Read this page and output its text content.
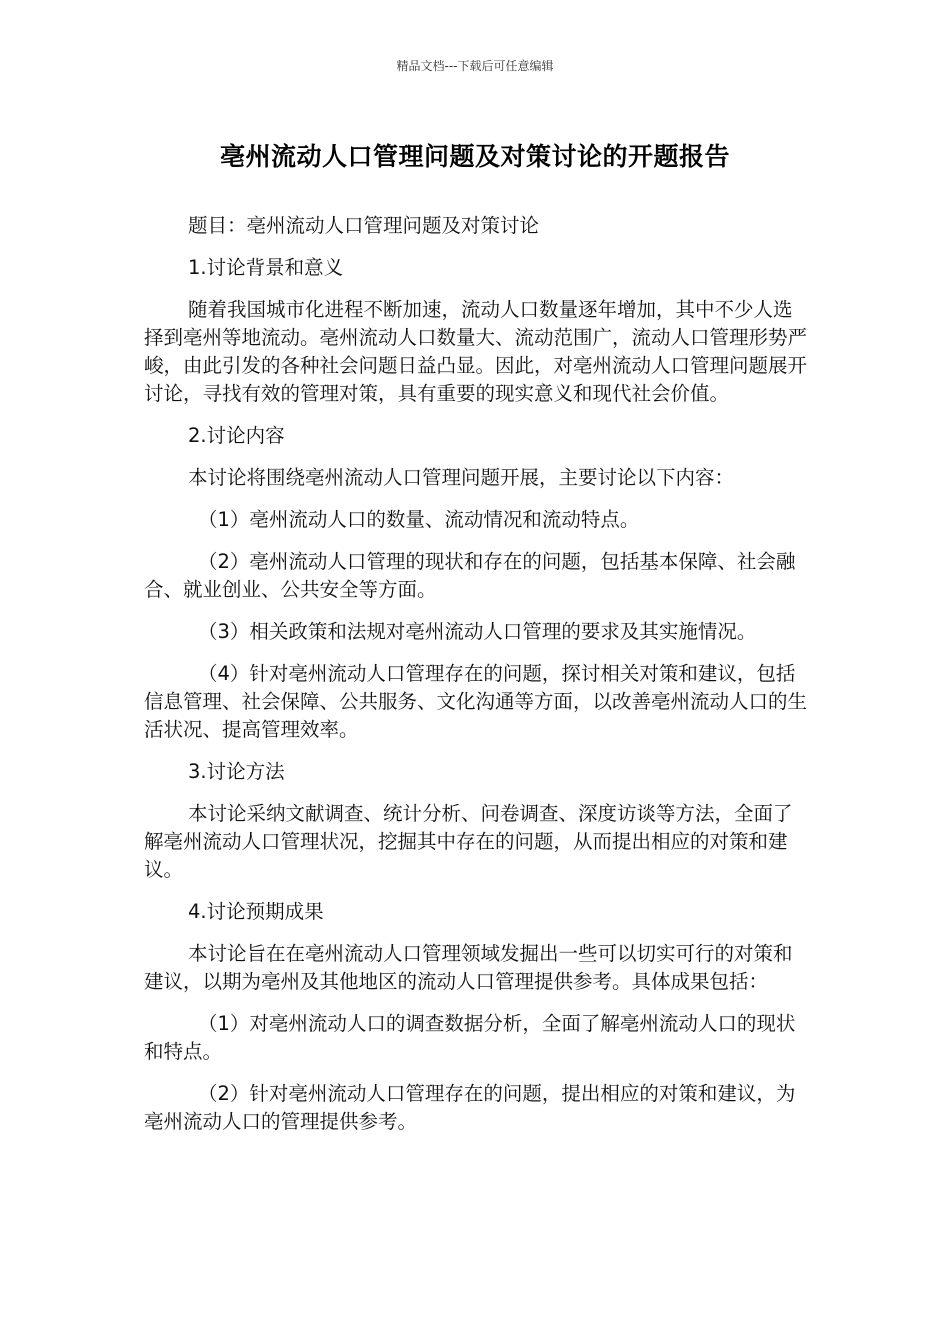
精品文档---下载后可任意编辑
亳州流动人口管理问题及对策讨论的开题报告

题目：亳州流动人口管理问题及对策讨论

1.讨论背景和意义

随着我国城市化进程不断加速，流动人口数量逐年增加，其中不少人选择到亳州等地流动。亳州流动人口数量大、流动范围广，流动人口管理形势严峻，由此引发的各种社会问题日益凸显。因此，对亳州流动人口管理问题展开讨论，寻找有效的管理对策，具有重要的现实意义和现代社会价值。

2.讨论内容

本讨论将围绕亳州流动人口管理问题开展，主要讨论以下内容：

（1）亳州流动人口的数量、流动情况和流动特点。

（2）亳州流动人口管理的现状和存在的问题，包括基本保障、社会融合、就业创业、公共安全等方面。

（3）相关政策和法规对亳州流动人口管理的要求及其实施情况。

（4）针对亳州流动人口管理存在的问题，探讨相关对策和建议，包括信息管理、社会保障、公共服务、文化沟通等方面，以改善亳州流动人口的生活状况、提高管理效率。

3.讨论方法

本讨论采纳文献调查、统计分析、问卷调查、深度访谈等方法，全面了解亳州流动人口管理状况，挖掘其中存在的问题，从而提出相应的对策和建议。

4.讨论预期成果

本讨论旨在在亳州流动人口管理领域发掘出一些可以切实可行的对策和建议，以期为亳州及其他地区的流动人口管理提供参考。具体成果包括：

（1）对亳州流动人口的调查数据分析，全面了解亳州流动人口的现状和特点。

（2）针对亳州流动人口管理存在的问题，提出相应的对策和建议，为亳州流动人口的管理提供参考。
